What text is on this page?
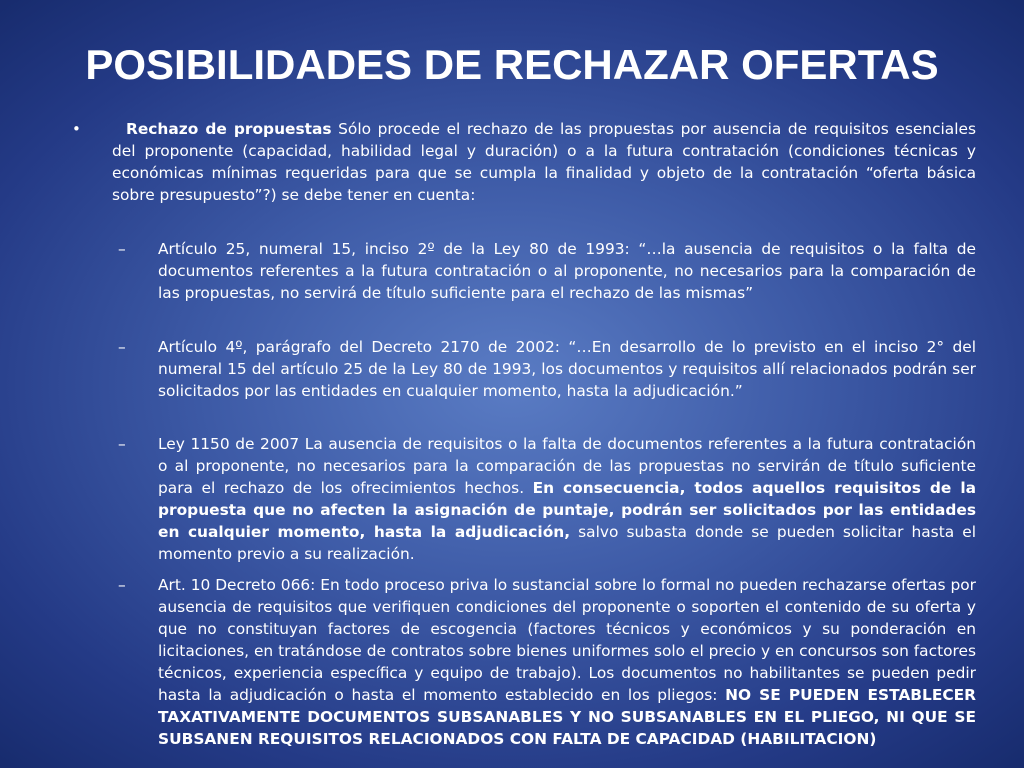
POSIBILIDADES DE RECHAZAR OFERTAS
•	Rechazo de propuestas Sólo procede el rechazo de las propuestas por ausencia de requisitos esenciales del proponente (capacidad, habilidad legal y duración) o a la futura contratación (condiciones técnicas y económicas mínimas requeridas para que se cumpla la finalidad y objeto de la contratación “oferta básica sobre presupuesto”?) se debe tener en cuenta:
– Artículo 25, numeral 15, inciso 2º de la Ley 80 de 1993: “…la ausencia de requisitos o la falta de documentos referentes a la futura contratación o al proponente, no necesarios para la comparación de las propuestas, no servirá de título suficiente para el rechazo de las mismas”
– Artículo 4º, parágrafo del Decreto 2170 de 2002: “…En desarrollo de lo previsto en el inciso 2° del numeral 15 del artículo 25 de la Ley 80 de 1993, los documentos y requisitos allí relacionados podrán ser solicitados por las entidades en cualquier momento, hasta la adjudicación.”
– Ley 1150 de 2007 La ausencia de requisitos o la falta de documentos referentes a la futura contratación o al proponente, no necesarios para la comparación de las propuestas no servirán de título suficiente para el rechazo de los ofrecimientos hechos. En consecuencia, todos aquellos requisitos de la propuesta que no afecten la asignación de puntaje, podrán ser solicitados por las entidades en cualquier momento, hasta la adjudicación, salvo subasta donde se pueden solicitar hasta el momento previo a su realización.
– Art. 10 Decreto 066: En todo proceso priva lo sustancial sobre lo formal no pueden rechazarse ofertas por ausencia de requisitos que verifiquen condiciones del proponente o soporten el contenido de su oferta y que no constituyan factores de escogencia (factores técnicos y económicos y su ponderación en licitaciones, en tratándose de contratos sobre bienes uniformes solo el precio y en concursos son factores técnicos, experiencia específica y equipo de trabajo). Los documentos no habilitantes se pueden pedir hasta la adjudicación o hasta el momento establecido en los pliegos: NO SE PUEDEN ESTABLECER TAXATIVAMENTE DOCUMENTOS SUBSANABLES Y NO SUBSANABLES EN EL PLIEGO, NI QUE SE SUBSANEN REQUISITOS RELACIONADOS CON FALTA DE CAPACIDAD (HABILITACION)
